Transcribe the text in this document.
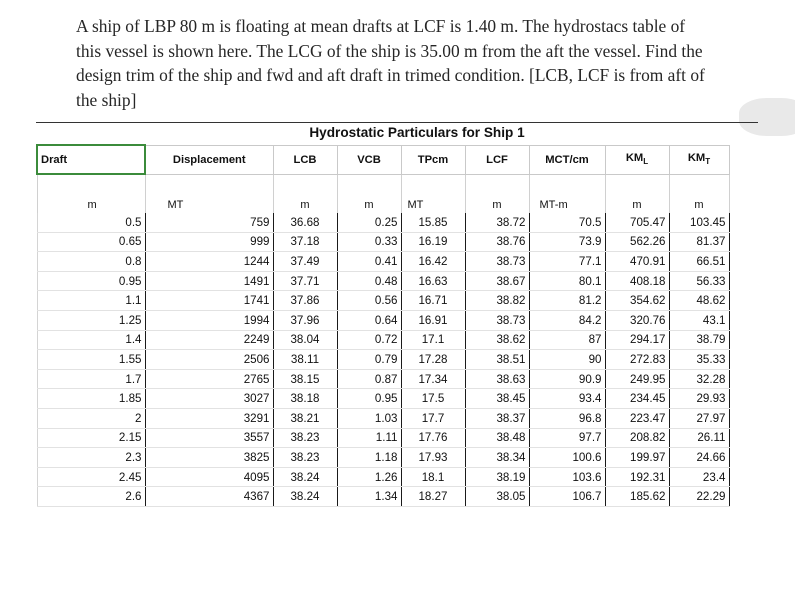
A ship of LBP 80 m is floating at mean drafts at LCF is 1.40 m. The hydrostacs table of
this vessel is shown here. The LCG of the ship is 35.00 m from the aft the vessel. Find the
design trim of the ship and fwd and aft draft in trimed condition. [LCB, LCF is from aft of
the ship]

Hydrostatic Particulars for Ship 1
Draft	Displacement	LCB	VCB	TPcm	LCF	MCT/cm	$KM_L$	$KM_T$

m	MT	m	m	MT	m	MT-m	m	m
0.5	759	36.68	0.25	15.85	38.72	70.5	705.47	103.45
0.65	999	37.18	0.33	16.19	38.76	73.9	562.26	81.37
0.8	1244	37.49	0.41	16.42	38.73	77.1	470.91	66.51
0.95	1491	37.71	0.48	16.63	38.67	80.1	408.18	56.33
1.1	1741	37.86	0.56	16.71	38.82	81.2	354.62	48.62
1.25	1994	37.96	0.64	16.91	38.73	84.2	320.76	43.1
1.4	2249	38.04	0.72	17.1	38.62	87	294.17	38.79
1.55	2506	38.11	0.79	17.28	38.51	90	272.83	35.33
1.7	2765	38.15	0.87	17.34	38.63	90.9	249.95	32.28
1.85	3027	38.18	0.95	17.5	38.45	93.4	234.45	29.93
2	3291	38.21	1.03	17.7	38.37	96.8	223.47	27.97
2.15	3557	38.23	1.11	17.76	38.48	97.7	208.82	26.11
2.3	3825	38.23	1.18	17.93	38.34	100.6	199.97	24.66
2.45	4095	38.24	1.26	18.1	38.19	103.6	192.31	23.4
2.6	4367	38.24	1.34	18.27	38.05	106.7	185.62	22.29
